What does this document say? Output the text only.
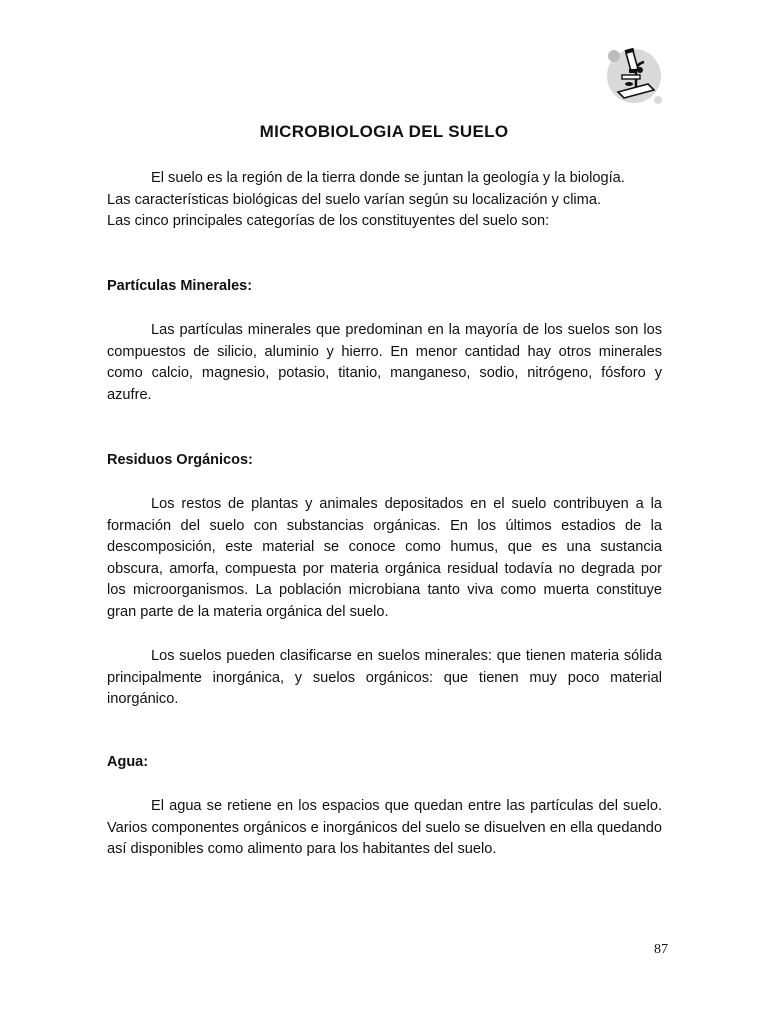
MICROBIOLOGIA DEL SUELO
El suelo es la región de la tierra donde se juntan la geología y la biología.
Las características biológicas del suelo varían según su localización y clima.
Las cinco principales categorías de los constituyentes del suelo son:
Partículas Minerales:

Las partículas minerales que predominan en la mayoría de los suelos son los compuestos de silicio, aluminio y hierro. En menor cantidad hay otros minerales como calcio, magnesio, potasio, titanio, manganeso, sodio, nitrógeno, fósforo y azufre.

Residuos Orgánicos:

Los restos de plantas y animales depositados en el suelo contribuyen a la formación del suelo con substancias orgánicas. En los últimos estadios de la descomposición, este material se conoce como humus, que es una sustancia obscura, amorfa, compuesta por materia orgánica residual todavía no degrada por los microorganismos. La población microbiana tanto viva como muerta constituye gran parte de la materia orgánica del suelo.

Los suelos pueden clasificarse en suelos minerales: que tienen materia sólida principalmente inorgánica, y suelos orgánicos: que tienen muy poco material inorgánico.

Agua:

El agua se retiene en los espacios que quedan entre las partículas del suelo. Varios componentes orgánicos e inorgánicos del suelo se disuelven en ella quedando así disponibles como alimento para los habitantes del suelo.

87
